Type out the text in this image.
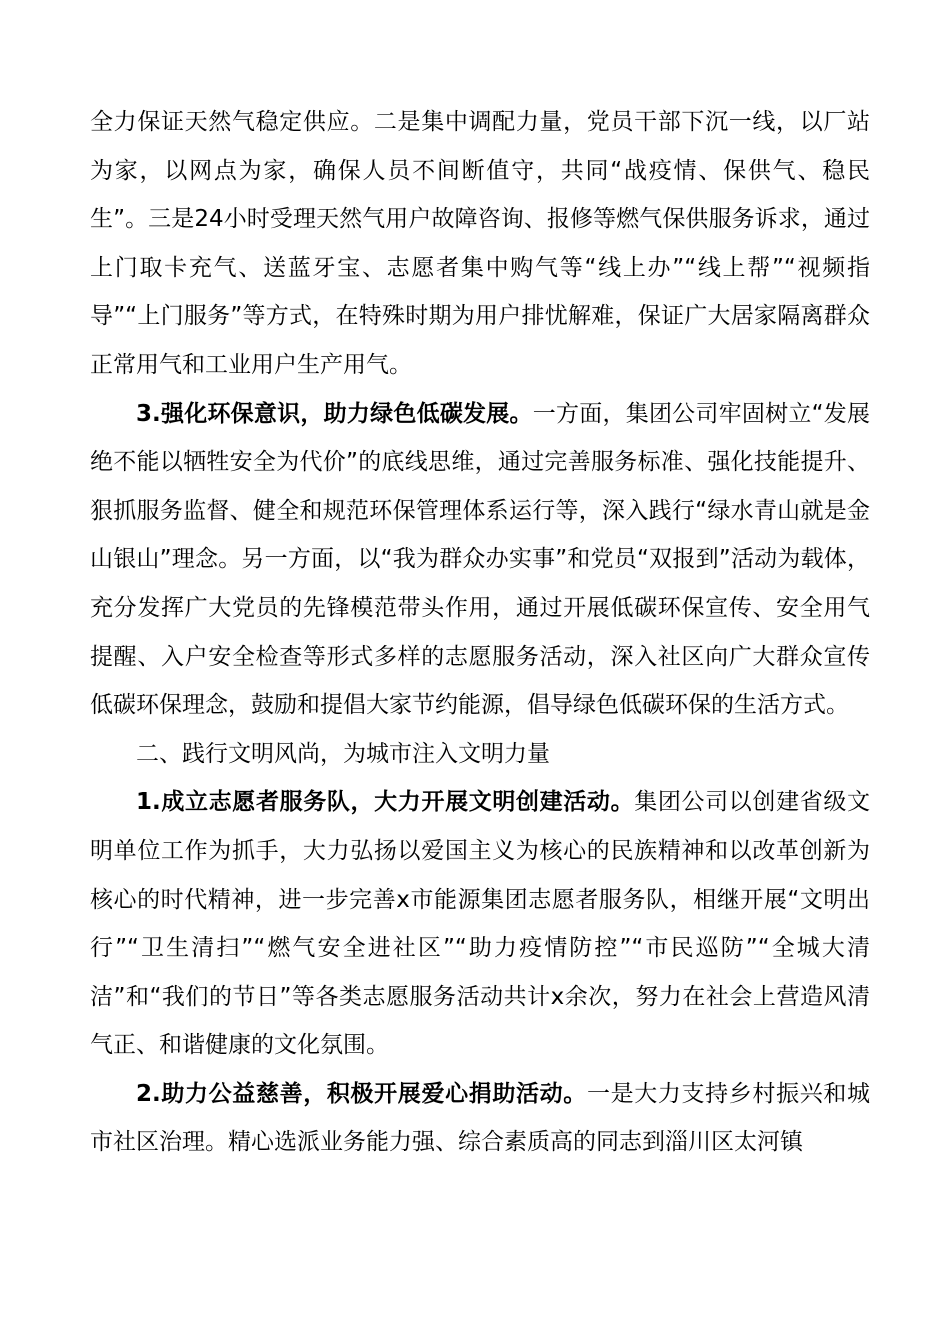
全力保证天然气稳定供应。二是集中调配力量，党员干部下沉一线，以厂站为家，以网点为家，确保人员不间断值守，共同“战疫情、保供气、稳民生”。三是24小时受理天然气用户故障咨询、报修等燃气保供服务诉求，通过上门取卡充气、送蓝牙宝、志愿者集中购气等“线上办”“线上帮”“视频指导”“上门服务”等方式，在特殊时期为用户排忧解难，保证广大居家隔离群众正常用气和工业用户生产用气。

3.强化环保意识，助力绿色低碳发展。一方面，集团公司牢固树立“发展绝不能以牺牲安全为代价”的底线思维，通过完善服务标准、强化技能提升、狠抓服务监督、健全和规范环保管理体系运行等，深入践行“绿水青山就是金山银山”理念。另一方面，以“我为群众办实事”和党员“双报到”活动为载体，充分发挥广大党员的先锋模范带头作用，通过开展低碳环保宣传、安全用气提醒、入户安全检查等形式多样的志愿服务活动，深入社区向广大群众宣传低碳环保理念，鼓励和提倡大家节约能源，倡导绿色低碳环保的生活方式。

二、践行文明风尚，为城市注入文明力量

1.成立志愿者服务队，大力开展文明创建活动。集团公司以创建省级文明单位工作为抓手，大力弘扬以爱国主义为核心的民族精神和以改革创新为核心的时代精神，进一步完善x市能源集团志愿者服务队，相继开展“文明出行”“卫生清扫”“燃气安全进社区”“助力疫情防控”“市民巡防”“全城大清洁”和“我们的节日”等各类志愿服务活动共计x余次，努力在社会上营造风清气正、和谐健康的文化氛围。

2.助力公益慈善，积极开展爱心捐助活动。一是大力支持乡村振兴和城市社区治理。精心选派业务能力强、综合素质高的同志到淄川区太河镇
